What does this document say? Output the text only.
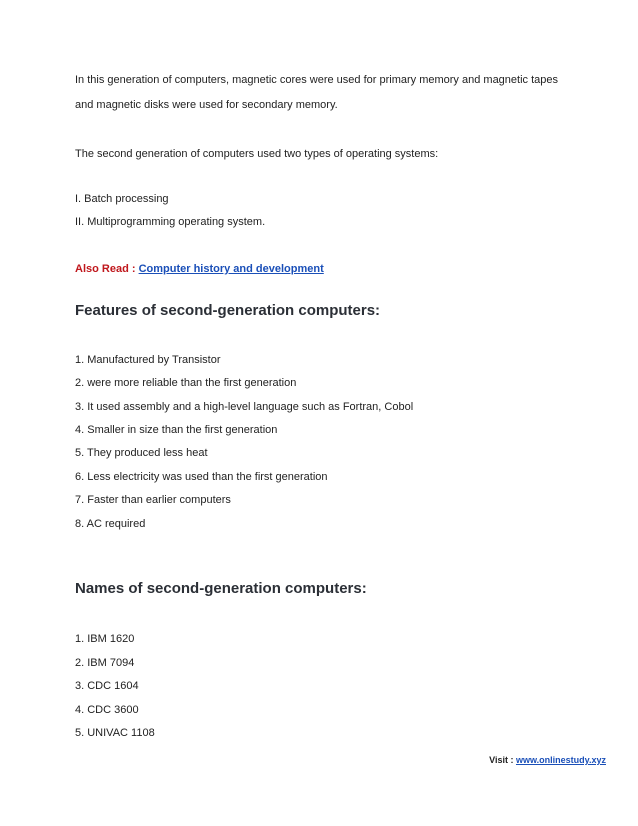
In this generation of computers, magnetic cores were used for primary memory and magnetic tapes
and magnetic disks were used for secondary memory.
The second generation of computers used two types of operating systems:
I. Batch processing
II. Multiprogramming operating system.
Also Read : Computer history and development
Features of second-generation computers:
1. Manufactured by Transistor
2. were more reliable than the first generation
3. It used assembly and a high-level language such as Fortran, Cobol
4. Smaller in size than the first generation
5. They produced less heat
6. Less electricity was used than the first generation
7. Faster than earlier computers
8. AC required
Names of second-generation computers:
1. IBM 1620
2. IBM 7094
3. CDC 1604
4. CDC 3600
5. UNIVAC 1108
Visit : www.onlinestudy.xyz
